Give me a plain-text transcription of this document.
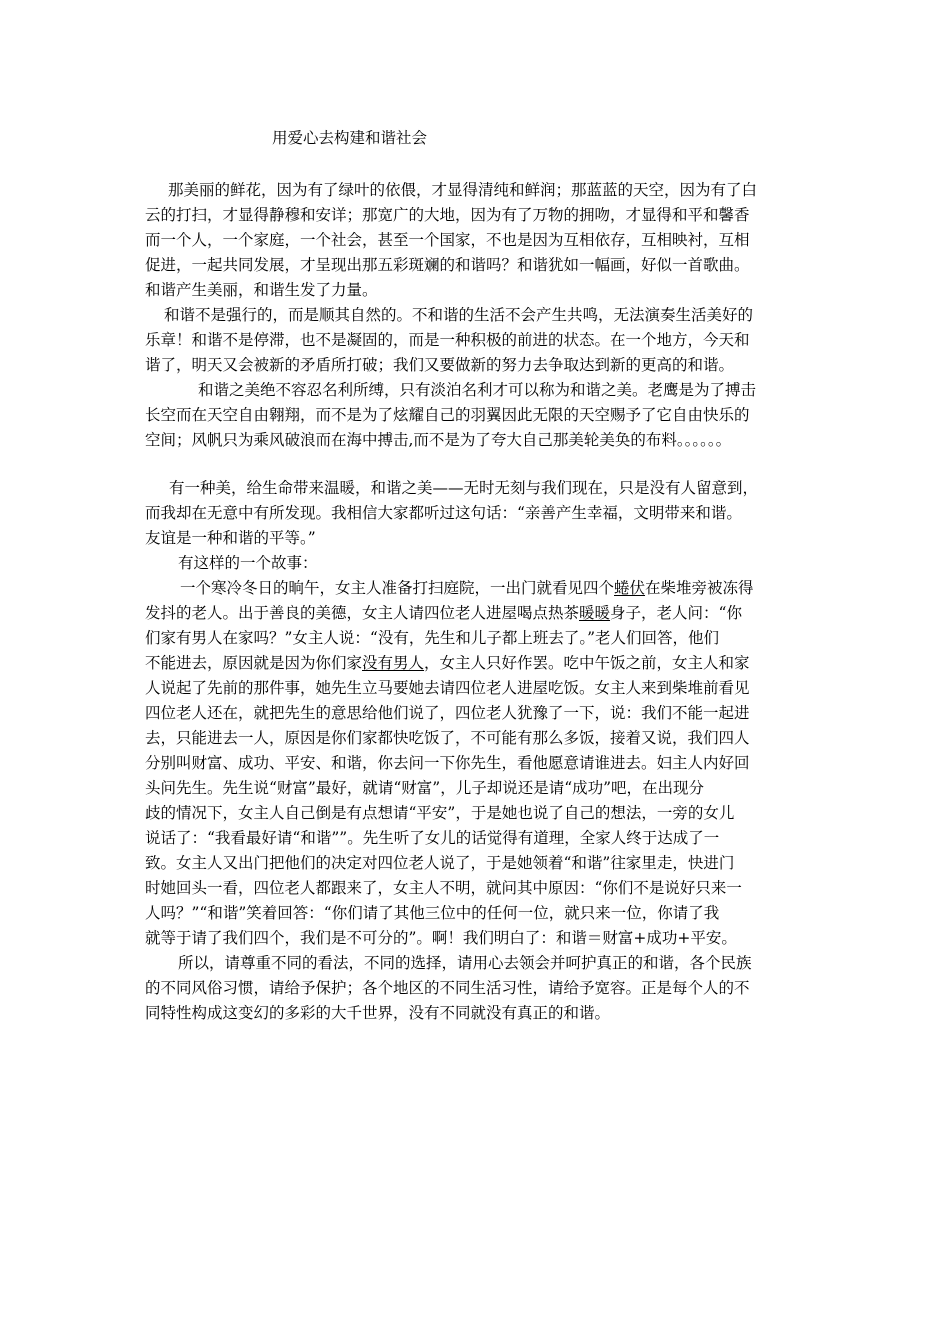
用爱心去构建和谐社会
那美丽的鲜花，因为有了绿叶的依偎，才显得清纯和鲜润；那蓝蓝的天空，因为有了白
云的打扫，才显得静穆和安详；那宽广的大地，因为有了万物的拥吻，才显得和平和馨香
而一个人，一个家庭，一个社会，甚至一个国家，不也是因为互相依存，互相映衬，互相
促进，一起共同发展，才呈现出那五彩斑斓的和谐吗？和谐犹如一幅画，好似一首歌曲。
和谐产生美丽，和谐生发了力量。
和谐不是强行的，而是顺其自然的。不和谐的生活不会产生共鸣，无法演奏生活美好的
乐章！和谐不是停滞，也不是凝固的，而是一种积极的前进的状态。在一个地方，今天和
谐了，明天又会被新的矛盾所打破；我们又要做新的努力去争取达到新的更高的和谐。
和谐之美绝不容忍名利所缚，只有淡泊名利才可以称为和谐之美。老鹰是为了搏击
长空而在天空自由翱翔，而不是为了炫耀自己的羽翼因此无限的天空赐予了它自由快乐的
空间；风帆只为乘风破浪而在海中搏击,而不是为了夸大自己那美轮美奂的布料。。。。。。
有一种美，给生命带来温暖，和谐之美——无时无刻与我们现在，只是没有人留意到，
而我却在无意中有所发现。我相信大家都听过这句话：“亲善产生幸福，文明带来和谐。
友谊是一种和谐的平等。”
有这样的一个故事：
一个寒冷冬日的晌午，女主人准备打扫庭院，一出门就看见四个蜷伏在柴堆旁被冻得
发抖的老人。出于善良的美德，女主人请四位老人进屋喝点热茶暖暖身子，老人问：“你
们家有男人在家吗？”女主人说：“没有，先生和儿子都上班去了。”老人们回答，他们
不能进去，原因就是因为你们家没有男人，女主人只好作罢。吃中午饭之前，女主人和家
人说起了先前的那件事，她先生立马要她去请四位老人进屋吃饭。女主人来到柴堆前看见
四位老人还在，就把先生的意思给他们说了，四位老人犹豫了一下，说：我们不能一起进
去，只能进去一人，原因是你们家都快吃饭了，不可能有那么多饭，接着又说，我们四人
分别叫财富、成功、平安、和谐，你去问一下你先生，看他愿意请谁进去。妇主人内好回
头问先生。先生说“财富”最好，就请“财富”，儿子却说还是请“成功”吧，在出现分
歧的情况下，女主人自己倒是有点想请“平安”，于是她也说了自己的想法，一旁的女儿
说话了：“我看最好请“和谐””。先生听了女儿的话觉得有道理，全家人终于达成了一
致。女主人又出门把他们的决定对四位老人说了，于是她领着“和谐”往家里走，快进门
时她回头一看，四位老人都跟来了，女主人不明，就问其中原因：“你们不是说好只来一
人吗？”“和谐”笑着回答：“你们请了其他三位中的任何一位，就只来一位，你请了我
就等于请了我们四个，我们是不可分的”。啊！我们明白了：和谐＝财富+成功+平安。
所以，请尊重不同的看法，不同的选择，请用心去领会并呵护真正的和谐，各个民族
的不同风俗习惯，请给予保护；各个地区的不同生活习性，请给予宽容。正是每个人的不
同特性构成这变幻的多彩的大千世界，没有不同就没有真正的和谐。
